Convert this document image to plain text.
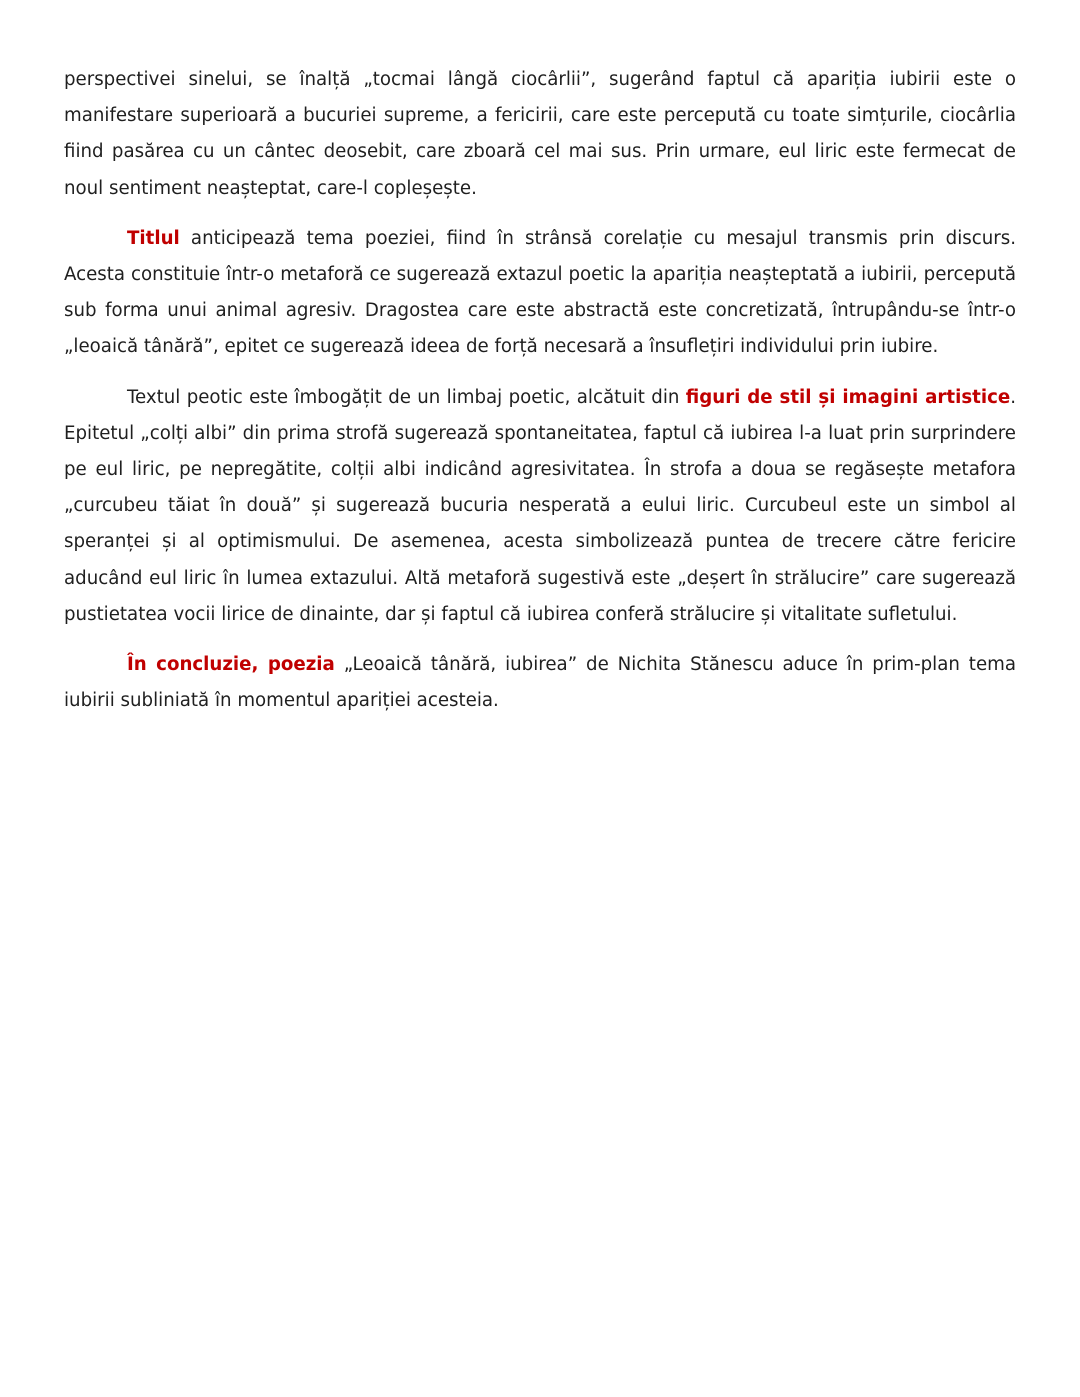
perspectivei sinelui, se înalță „tocmai lângă ciocârlii”, sugerând faptul că apariția iubirii este o manifestare superioară a bucuriei supreme, a fericirii, care este percepută cu toate simțurile, ciocârlia fiind pasărea cu un cântec deosebit, care zboară cel mai sus. Prin urmare, eul liric este fermecat de noul sentiment neașteptat, care-l copleșește.

Titlul anticipează tema poeziei, fiind în strânsă corelație cu mesajul transmis prin discurs. Acesta constituie într-o metaforă ce sugerează extazul poetic la apariția neașteptată a iubirii, percepută sub forma unui animal agresiv. Dragostea care este abstractă este concretizată, întrupându-se într-o „leoaică tânără”, epitet ce sugerează ideea de forță necesară a însuflețiri individului prin iubire.

Textul peotic este îmbogățit de un limbaj poetic, alcătuit din figuri de stil și imagini artistice. Epitetul „colți albi” din prima strofă sugerează spontaneitatea, faptul că iubirea l-a luat prin surprindere pe eul liric, pe nepregătite, colții albi indicând agresivitatea. În strofa a doua se regăsește metafora „curcubeu tăiat în două” și sugerează bucuria nesperată a eului liric. Curcubeul este un simbol al speranței și al optimismului. De asemenea, acesta simbolizează puntea de trecere către fericire aducând eul liric în lumea extazului. Altă metaforă sugestivă este „deșert în strălucire” care sugerează pustietatea vocii lirice de dinainte, dar și faptul că iubirea conferă strălucire și vitalitate sufletului.

În concluzie, poezia „Leoaică tânără, iubirea” de Nichita Stănescu aduce în prim-plan tema iubirii subliniată în momentul apariției acesteia.
